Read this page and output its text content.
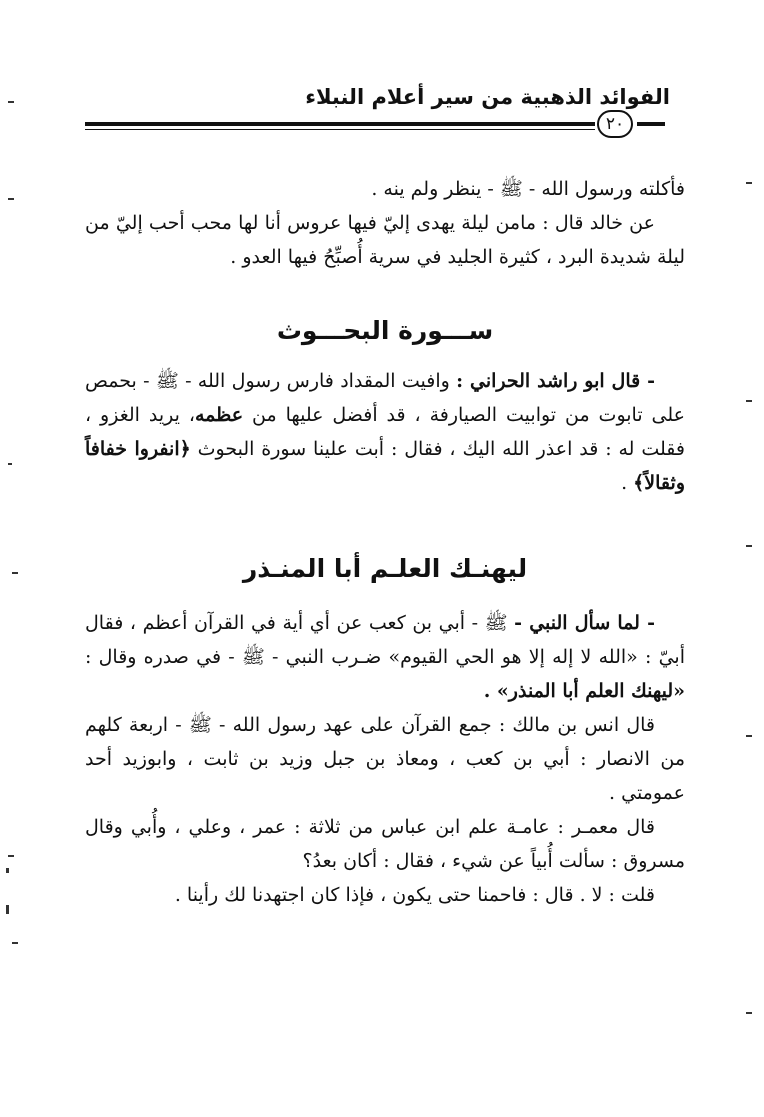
الفوائد الذهبية من سير أعلام النبلاء
٢٠

فأكلته ورسول الله - ﷺ - ينظر ولم ينه .

عن خالد قال : مامن ليلة يهدى إليّ فيها عروس أنا لها محب أحب إليّ من ليلة شديدة البرد ، كثيرة الجليد في سرية أُصبِّحُ فيها العدو .

ســـورة البحـــوث

- قال ابو راشد الحراني : وافيت المقداد فارس رسول الله - ﷺ - بحمص على تابوت من توابيت الصيارفة ، قد أفضل عليها من عظمه، يريد الغزو ، فقلت له : قد اعذر الله اليك ، فقال : أبت علينا سورة البحوث ﴿انفروا خفافاً وثقالاً﴾ .

ليهنـك العلـم أبا المنـذر

- لما سأل النبي - ﷺ - أبي بن كعب عن أي أية في القرآن أعظم ، فقال أبيّ : «الله لا إله إلا هو الحي القيوم» ضـرب النبي - ﷺ - في صدره وقال : «ليهنك العلم أبا المنذر» .

قال انس بن مالك : جمع القرآن على عهد رسول الله - ﷺ - اربعة كلهم من الانصار : أبي بن كعب ، ومعاذ بن جبل وزيد بن ثابت ، وابوزيد أحد عمومتي .

قال معمـر : عامـة علم ابن عباس من ثلاثة : عمر ، وعلي ، وأُبي وقال مسروق : سألت أُبياً عن شيء ، فقال : أكان بعدُ؟

قلت : لا . قال : فاحمنا حتى يكون ، فإذا كان اجتهدنا لك رأينا .
